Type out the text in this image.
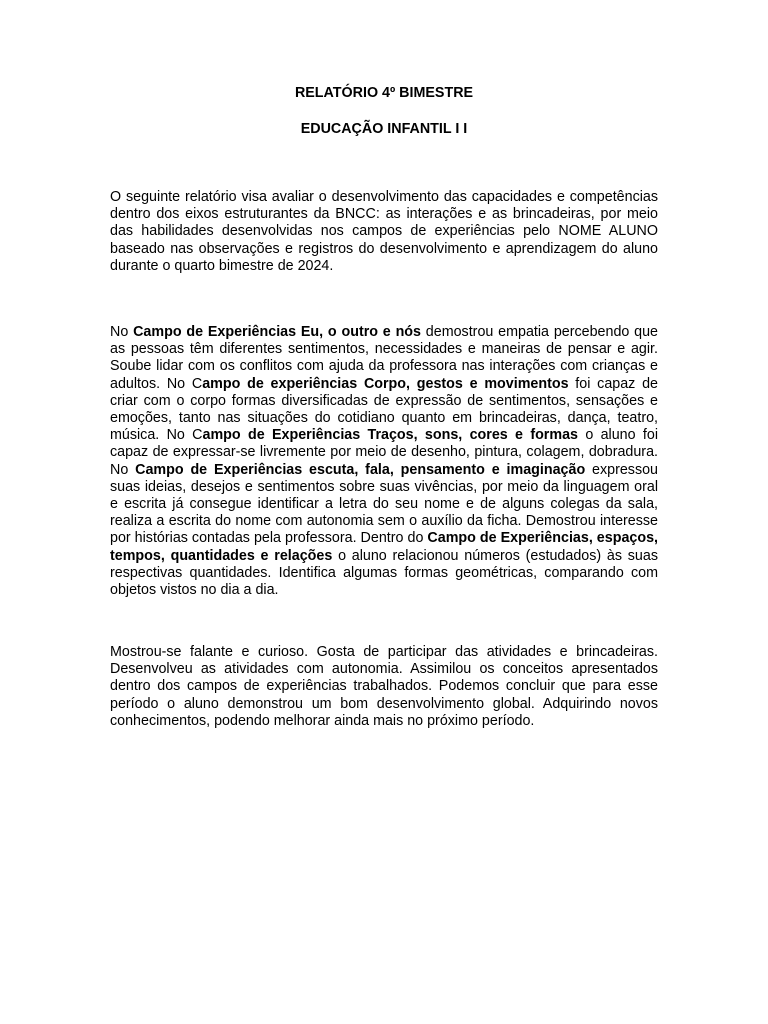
RELATÓRIO 4º BIMESTRE

EDUCAÇÃO INFANTIL I I

O seguinte relatório visa avaliar o desenvolvimento das capacidades e competências dentro dos eixos estruturantes da BNCC: as interações e as brincadeiras, por meio das habilidades desenvolvidas nos campos de experiências pelo NOME ALUNO baseado nas observações e registros do desenvolvimento e aprendizagem do aluno durante o quarto bimestre de 2024.

No Campo de Experiências Eu, o outro e nós demostrou empatia percebendo que as pessoas têm diferentes sentimentos, necessidades e maneiras de pensar e agir. Soube lidar com os conflitos com ajuda da professora nas interações com crianças e adultos. No Campo de experiências Corpo, gestos e movimentos foi capaz de criar com o corpo formas diversificadas de expressão de sentimentos, sensações e emoções, tanto nas situações do cotidiano quanto em brincadeiras, dança, teatro, música. No Campo de Experiências Traços, sons, cores e formas o aluno foi capaz de expressar-se livremente por meio de desenho, pintura, colagem, dobradura. No Campo de Experiências escuta, fala, pensamento e imaginação expressou suas ideias, desejos e sentimentos sobre suas vivências, por meio da linguagem oral e escrita já consegue identificar a letra do seu nome e de alguns colegas da sala, realiza a escrita do nome com autonomia sem o auxílio da ficha. Demostrou interesse por histórias contadas pela professora. Dentro do Campo de Experiências, espaços, tempos, quantidades e relações o aluno relacionou números (estudados) às suas respectivas quantidades. Identifica algumas formas geométricas, comparando com objetos vistos no dia a dia.

Mostrou-se falante e curioso. Gosta de participar das atividades e brincadeiras. Desenvolveu as atividades com autonomia. Assimilou os conceitos apresentados dentro dos campos de experiências trabalhados. Podemos concluir que para esse período o aluno demonstrou um bom desenvolvimento global. Adquirindo novos conhecimentos, podendo melhorar ainda mais no próximo período.
